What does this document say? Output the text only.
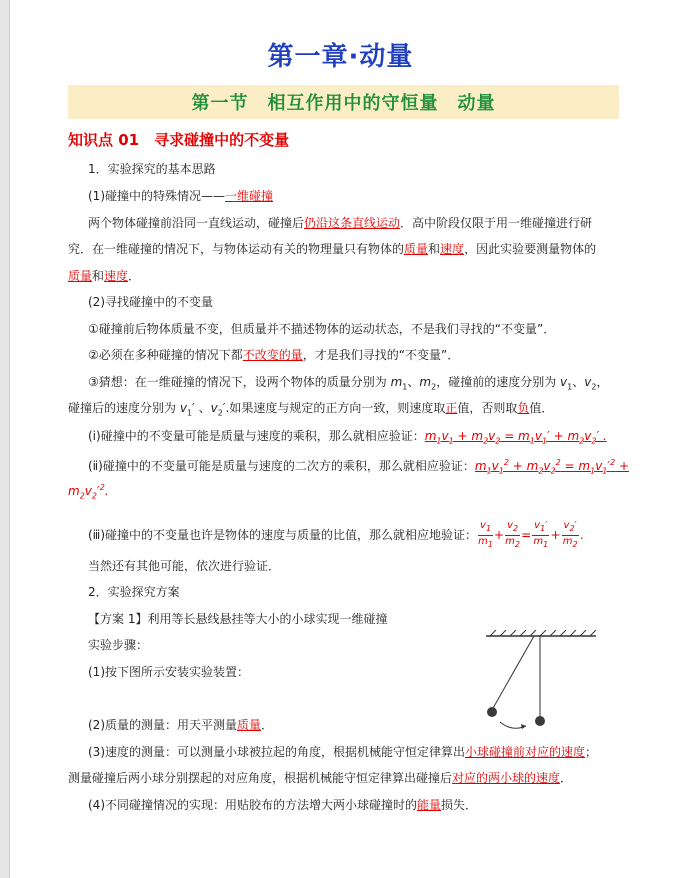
第一章·动量
第一节　相互作用中的守恒量　动量
知识点 01　寻求碰撞中的不变量
1．实验探究的基本思路
(1)碰撞中的特殊情况——一维碰撞
两个物体碰撞前沿同一直线运动，碰撞后仍沿这条直线运动．高中阶段仅限于用一维碰撞进行研
究．在一维碰撞的情况下，与物体运动有关的物理量只有物体的质量和速度，因此实验要测量物体的
质量和速度．
(2)寻找碰撞中的不变量
①碰撞前后物体质量不变，但质量并不描述物体的运动状态，不是我们寻找的“不变量”．
②必须在多种碰撞的情况下都不改变的量，才是我们寻找的“不变量”．
③猜想：在一维碰撞的情况下，设两个物体的质量分别为 $m_1$、$m_2$，碰撞前的速度分别为 $v_1$、$v_2$，
碰撞后的速度分别为 $v_1'$ 、$v_2'$.如果速度与规定的正方向一致，则速度取正值，否则取负值．
(ⅰ)碰撞中的不变量可能是质量与速度的乘积，那么就相应验证：$m_1v_1 + m_2v_2 = m_1v_1' + m_2v_2'$ .
(ⅱ)碰撞中的不变量可能是质量与速度的二次方的乘积，那么就相应验证：$m_1v_1^2 + m_2v_2^2 = m_1v_1'^2$ +
$m_2v_2'^2$.
(ⅲ)碰撞中的不变量也许是物体的速度与质量的比值，那么就相应地验证： $\frac{v_1}{m_1} + \frac{v_2}{m_2} = \frac{v_1'}{m_1} + \frac{v_2'}{m_2}$ .
当然还有其他可能，依次进行验证．
2．实验探究方案
【方案 1】利用等长悬线悬挂等大小的小球实现一维碰撞
实验步骤：
(1)按下图所示安装实验装置：
(2)质量的测量：用天平测量质量．
(3)速度的测量：可以测量小球被拉起的角度，根据机械能守恒定律算出小球碰撞前对应的速度；
测量碰撞后两小球分别摆起的对应角度，根据机械能守恒定律算出碰撞后对应的两小球的速度．
(4)不同碰撞情况的实现：用贴胶布的方法增大两小球碰撞时的能量损失．
